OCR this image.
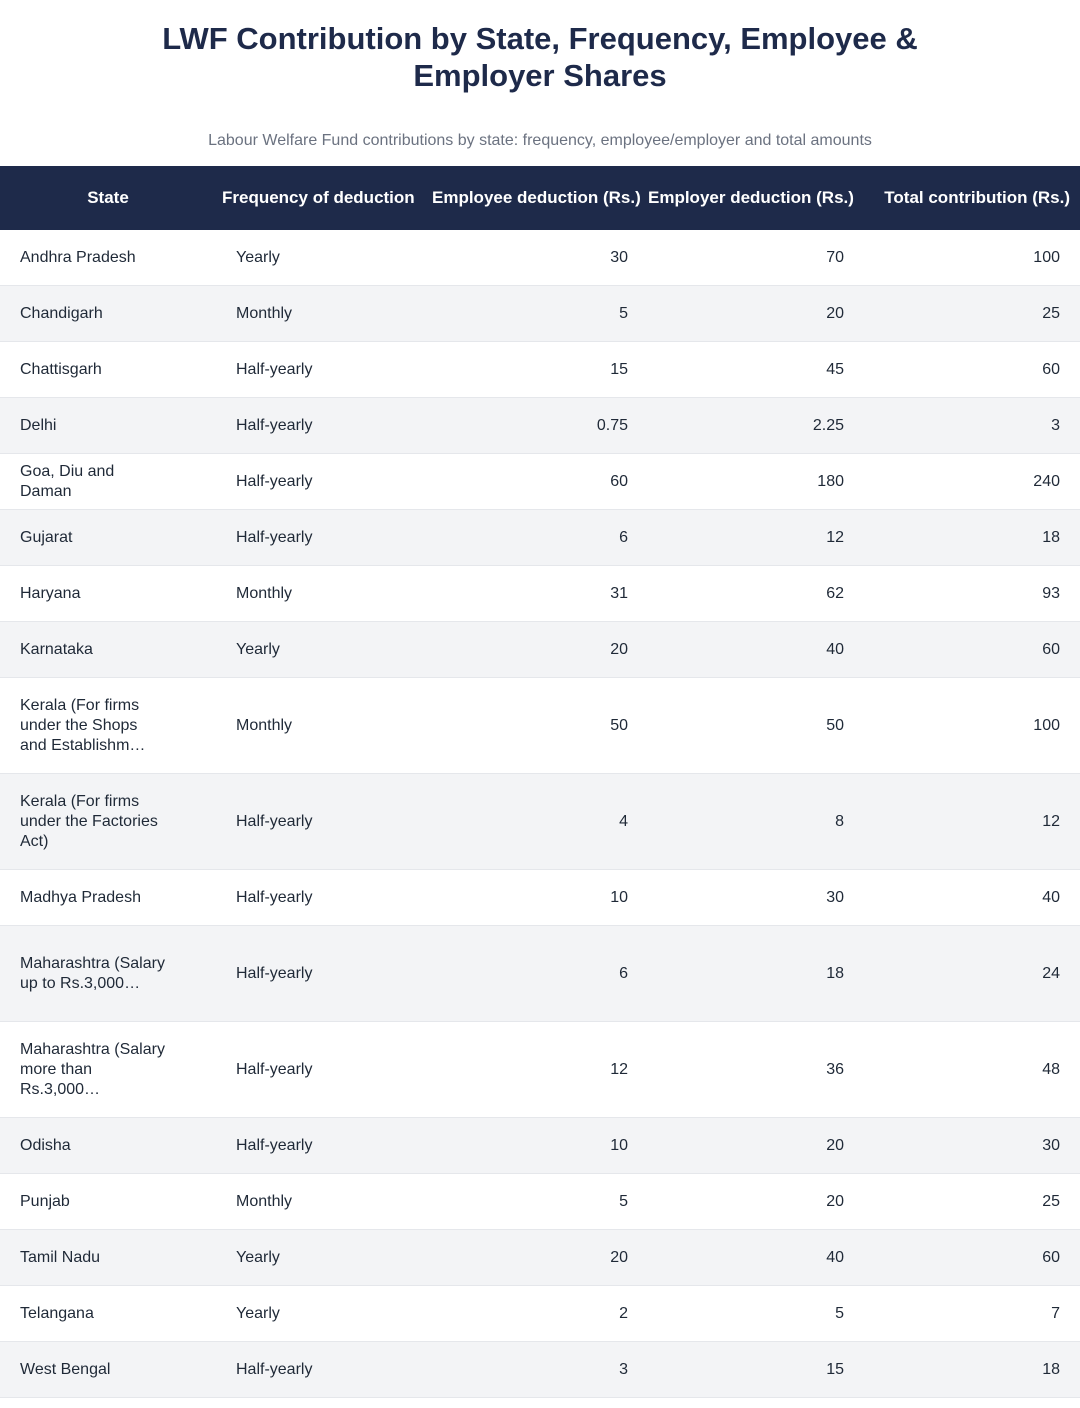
LWF Contribution by State, Frequency, Employee & Employer Shares
Labour Welfare Fund contributions by state: frequency, employee/employer and total amounts
State	Frequency of deduction	Employee deduction (Rs.)	Employer deduction (Rs.)	Total contribution (Rs.)

Andhra Pradesh	Yearly	30	70	100

Chandigarh	Monthly	5	20	25

Chattisgarh	Half-yearly	15	45	60

Delhi	Half-yearly	0.75	2.25	3

Goa, Diu and Daman	Half-yearly	60	180	240

Gujarat	Half-yearly	6	12	18

Haryana	Monthly	31	62	93

Karnataka	Yearly	20	40	60

Kerala (For firms under the Shops and Establishm…	Monthly	50	50	100

Kerala (For firms under the Factories Act)	Half-yearly	4	8	12

Madhya Pradesh	Half-yearly	10	30	40

Maharashtra (Salary up to Rs.3,000…	Half-yearly	6	18	24

Maharashtra (Salary more than Rs.3,000…	Half-yearly	12	36	48

Odisha	Half-yearly	10	20	30

Punjab	Monthly	5	20	25

Tamil Nadu	Yearly	20	40	60

Telangana	Yearly	2	5	7

West Bengal	Half-yearly	3	15	18
